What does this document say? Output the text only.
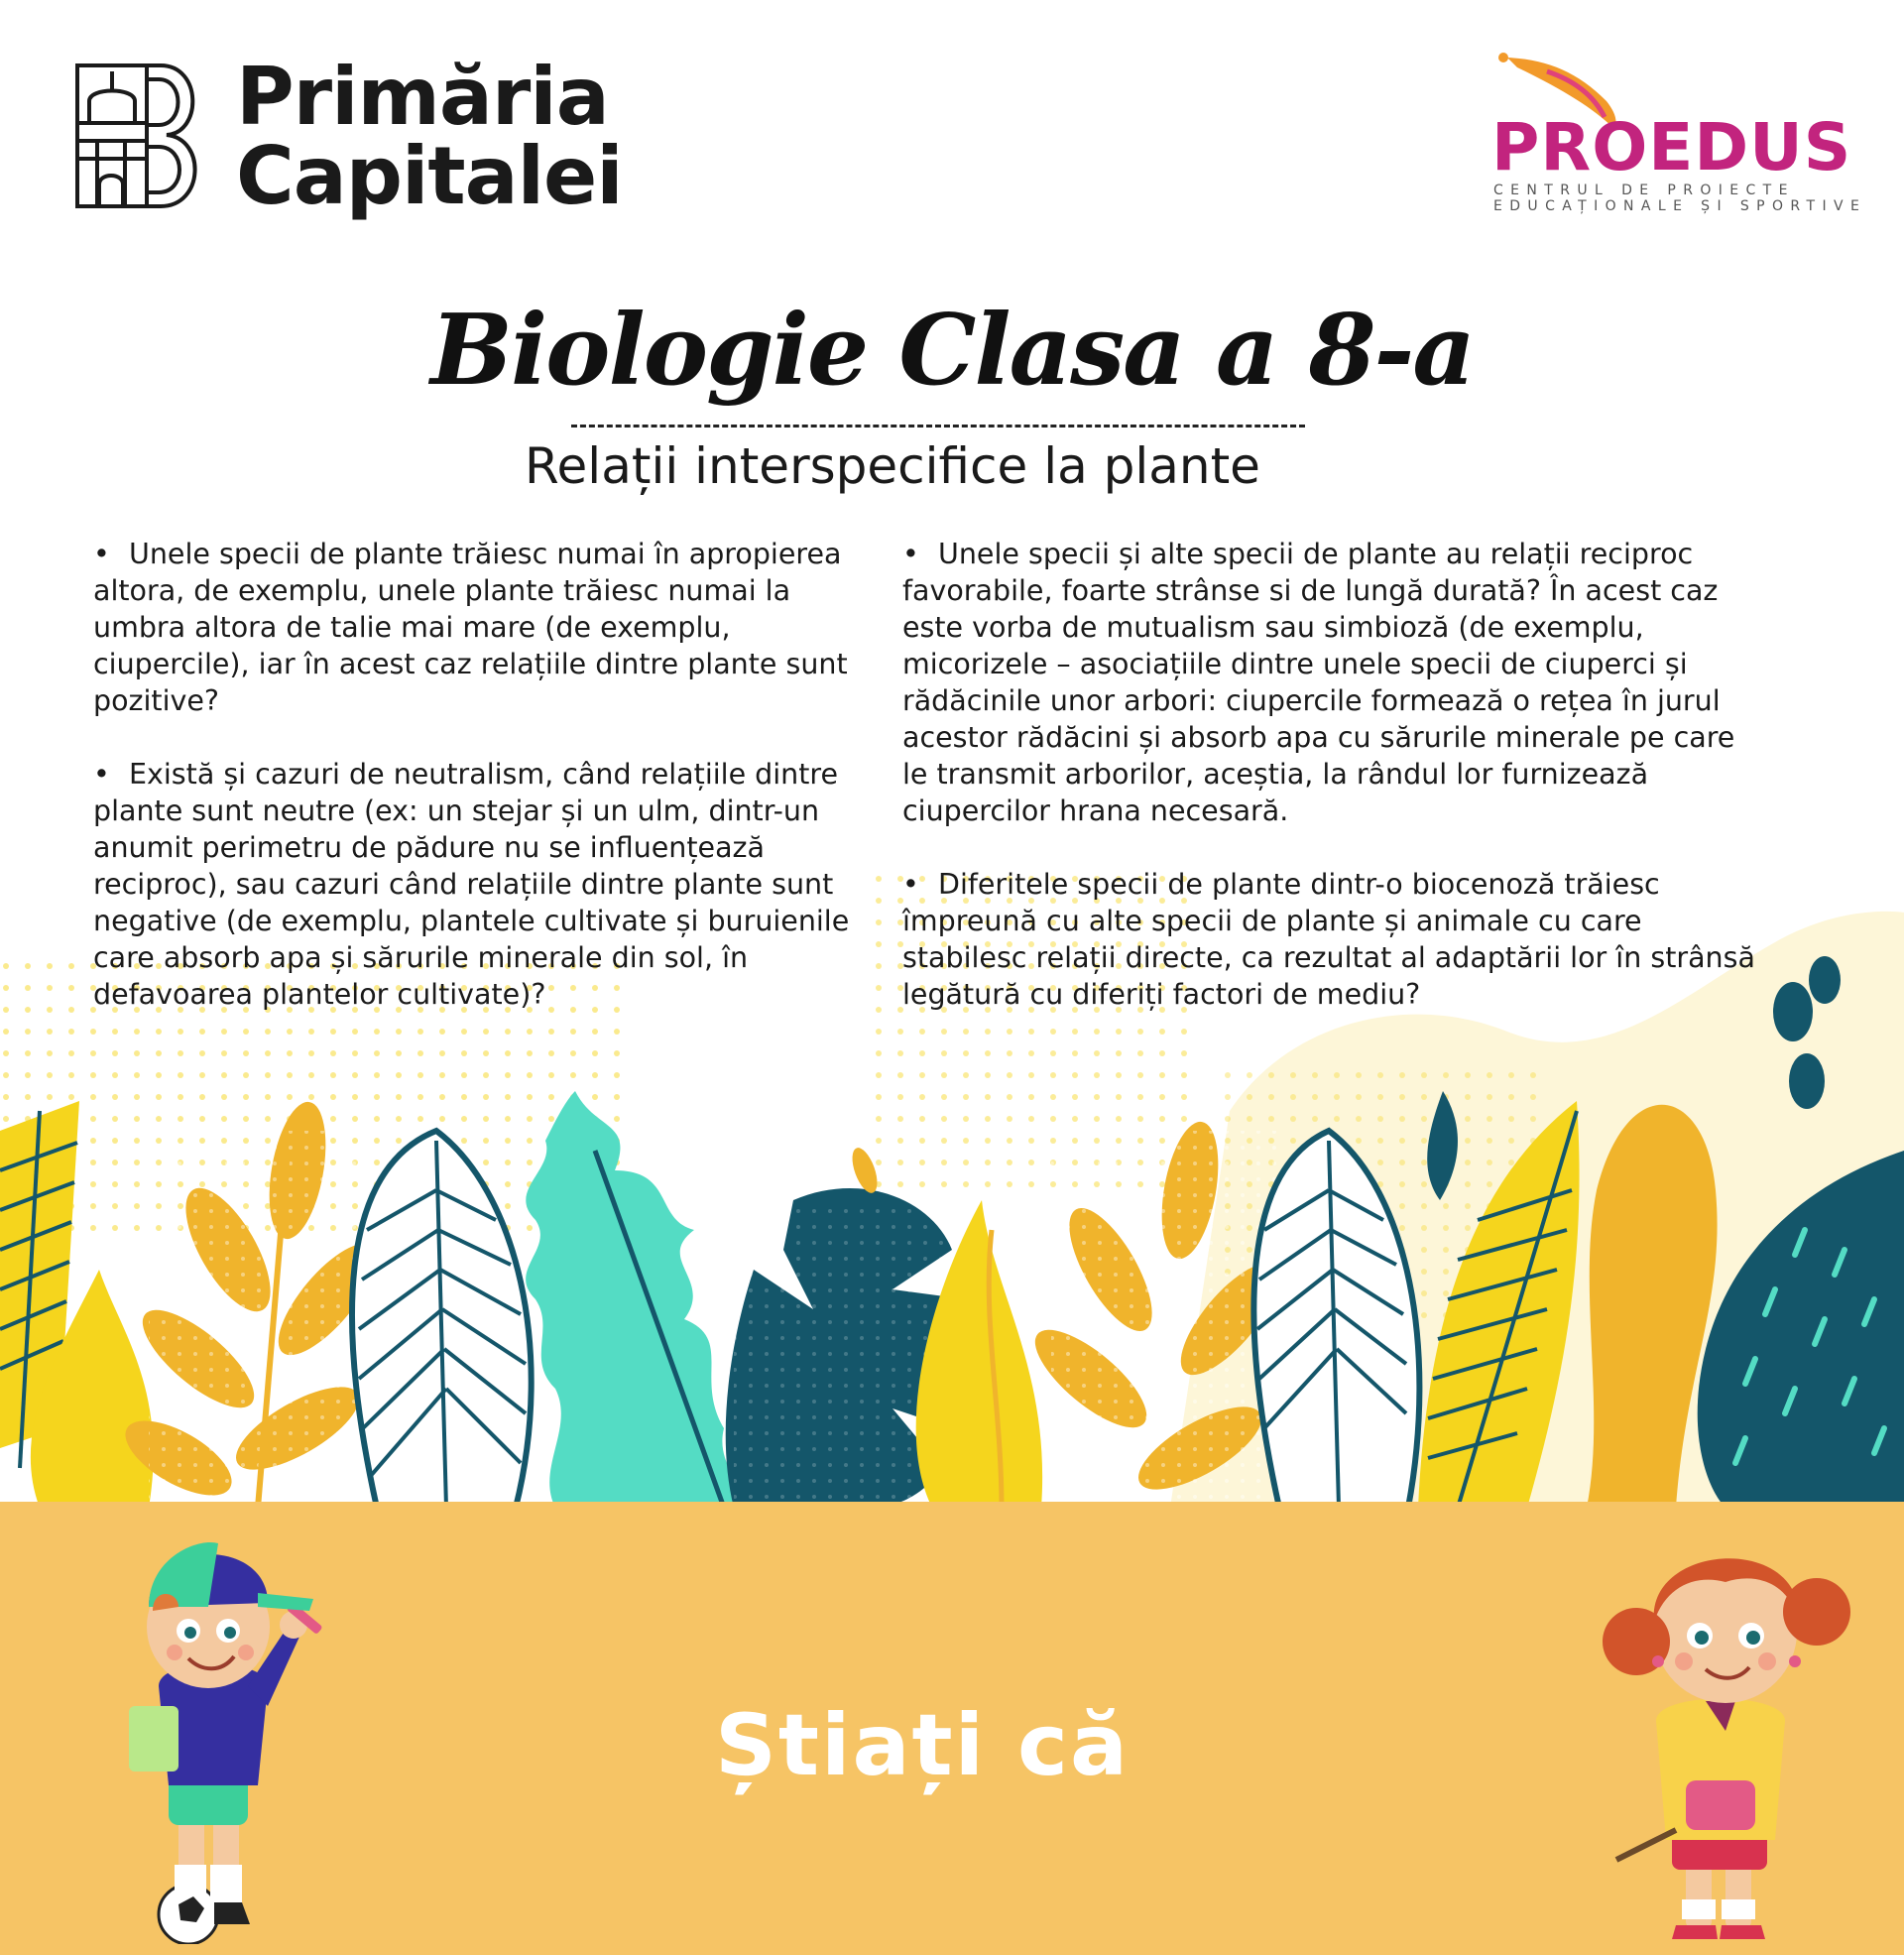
Primăria
Capitalei	PROEDUS
CENTRUL DE PROIECTE
EDUCAȚIONALE ȘI SPORTIVE
Biologie Clasa a 8-a
Relații interspecifice la plante

• Unele specii de plante trăiesc numai în apropierea altora, de exemplu, unele plante trăiesc numai la umbra altora de talie mai mare (de exemplu, ciupercile), iar în acest caz relațiile dintre plante sunt pozitive?

• Există și cazuri de neutralism, când relațiile dintre plante sunt neutre (ex: un stejar și un ulm, dintr-un anumit perimetru de pădure nu se influențează reciproc), sau cazuri când relațiile dintre plante sunt negative (de exemplu, plantele cultivate și buruienile care absorb apa și sărurile minerale din sol, în defavoarea plantelor cultivate)?

• Unele specii și alte specii de plante au relații reciproc favorabile, foarte strânse si de lungă durată? În acest caz este vorba de mutualism sau simbioză (de exemplu, micorizele – asociațiile dintre unele specii de ciuperci și rădăcinile unor arbori: ciupercile formează o rețea în jurul acestor rădăcini și absorb apa cu sărurile minerale pe care le transmit arborilor, aceștia, la rândul lor furnizează ciupercilor hrana necesară.

• Diferitele specii de plante dintr-o biocenoză trăiesc împreună cu alte specii de plante și animale cu care stabilesc relații directe, ca rezultat al adaptării lor în strânsă legătură cu diferiți factori de mediu?

Știați că
